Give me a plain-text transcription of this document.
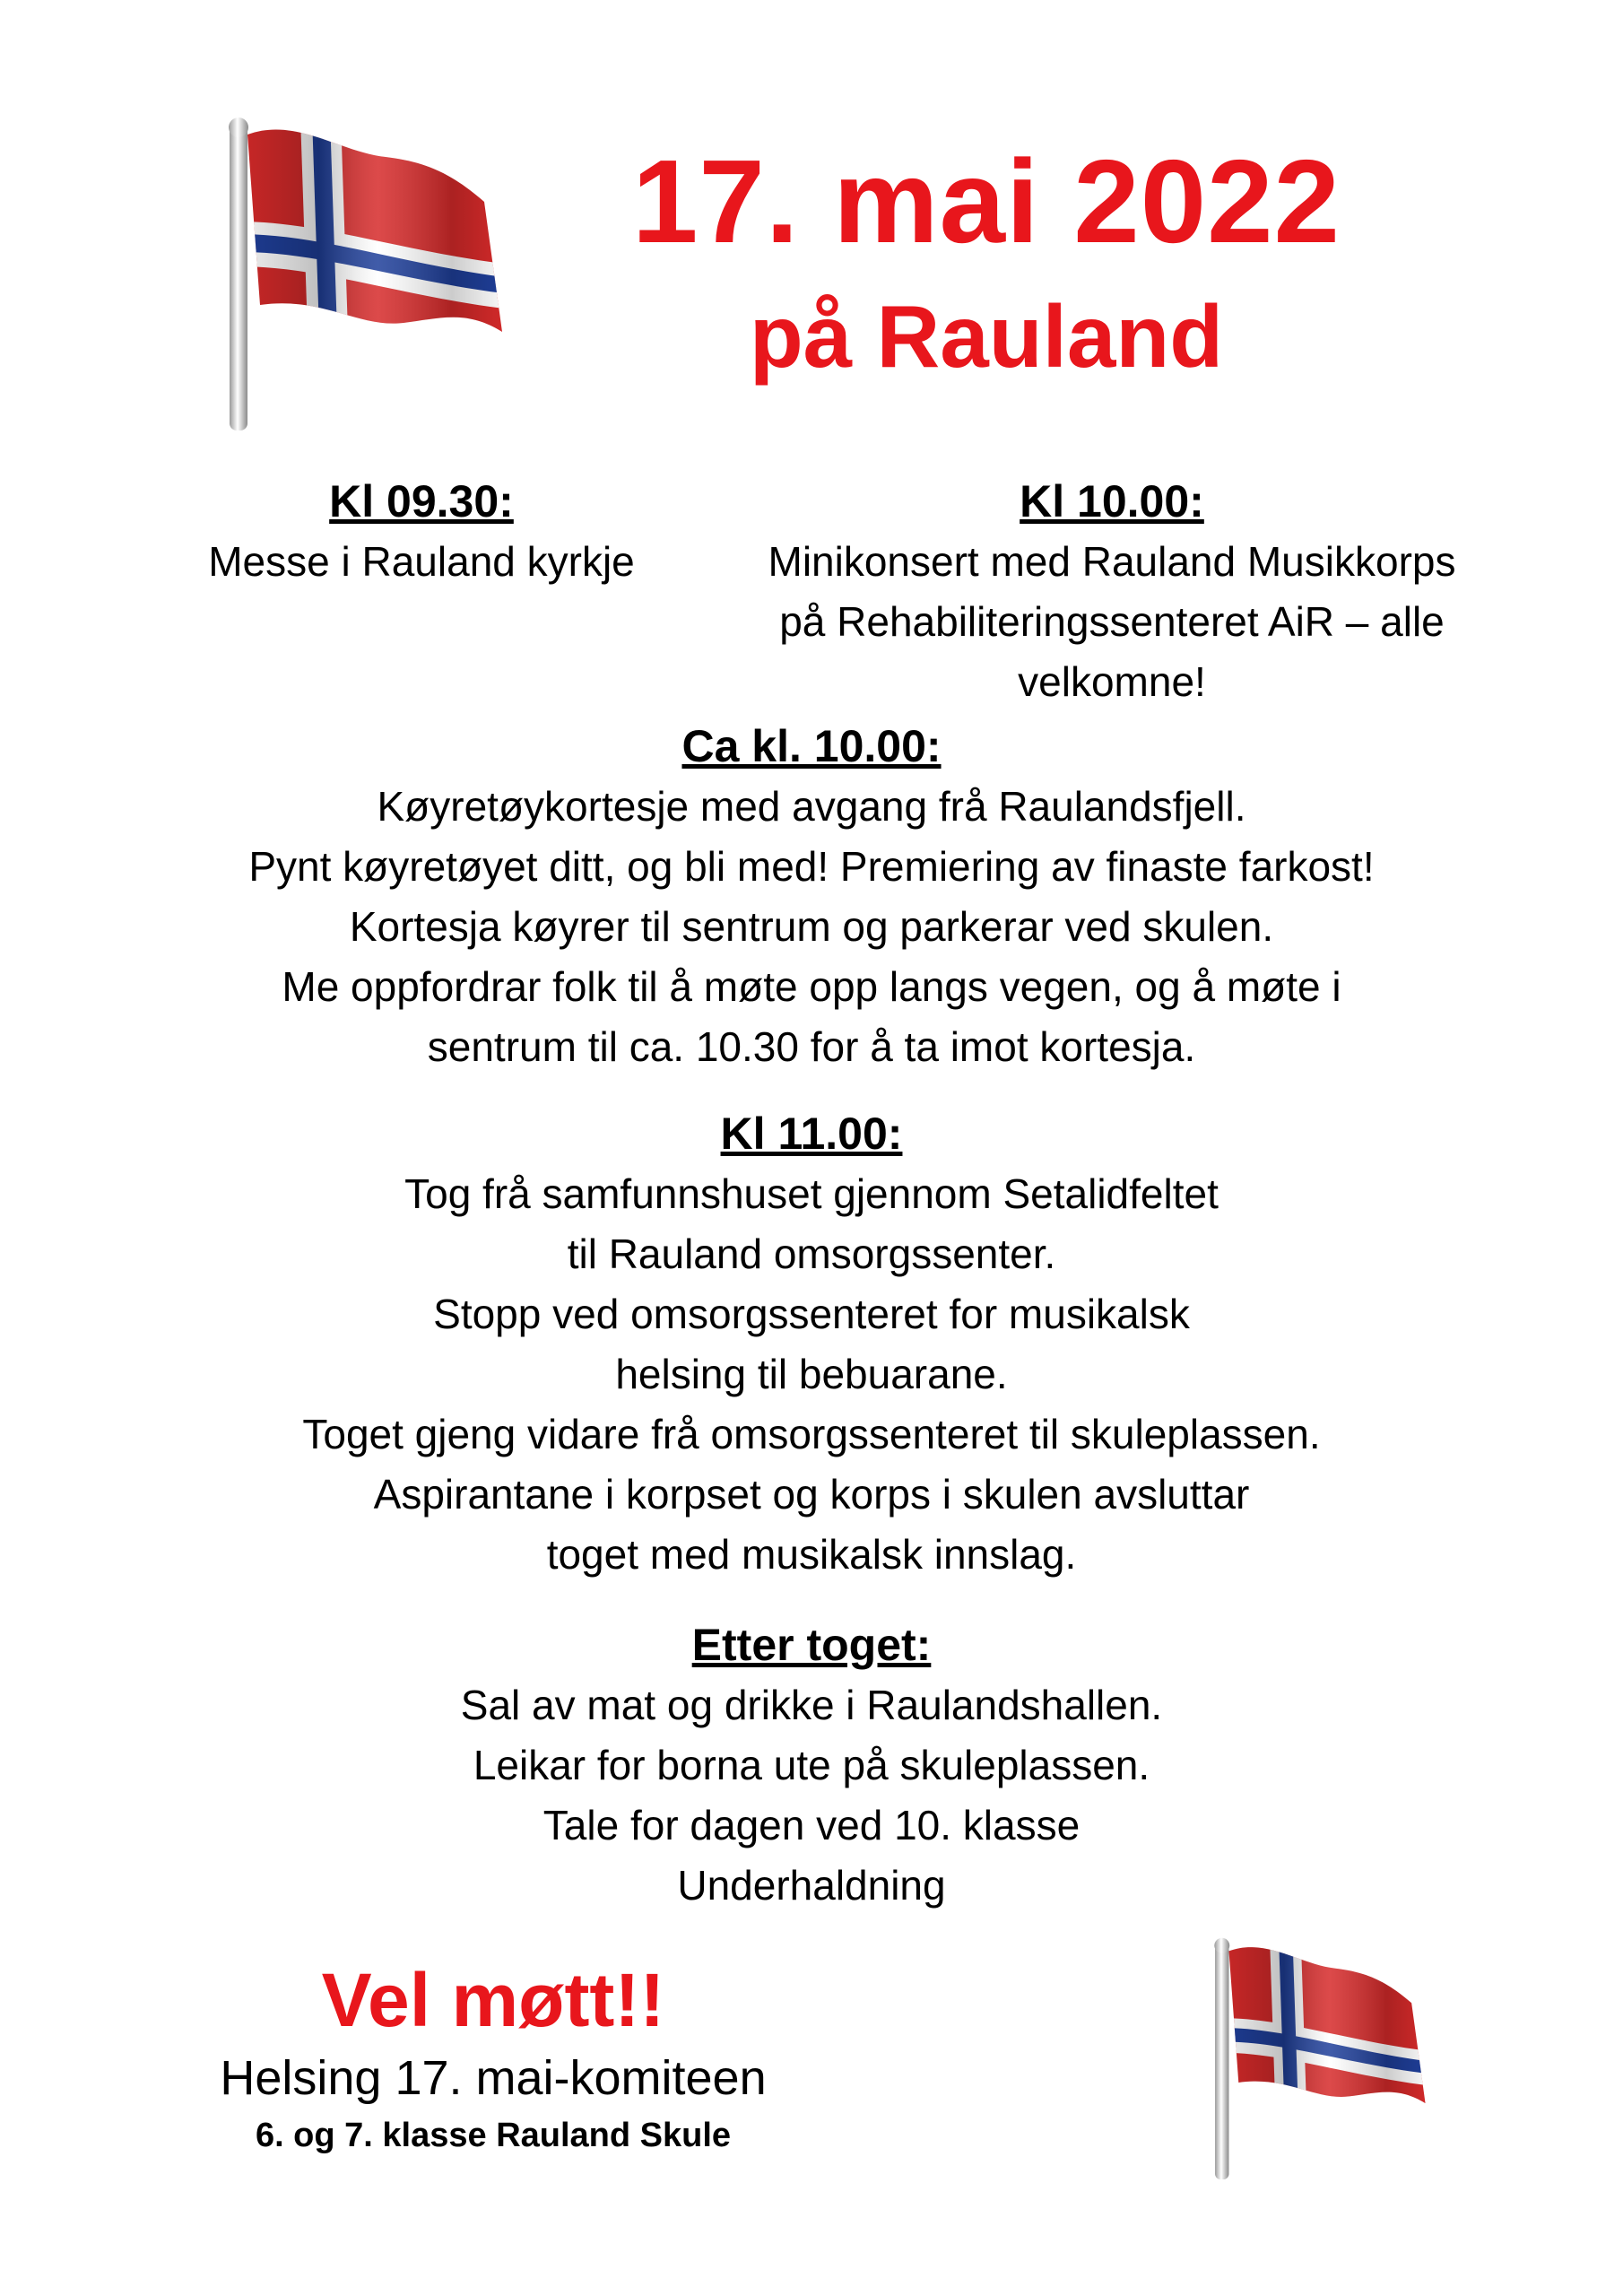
17. mai 2022
på Rauland
Kl 09.30:
Messe i Rauland kyrkje
Kl 10.00:
Minikonsert med Rauland Musikkorps
på Rehabiliteringssenteret AiR – alle
velkomne!
Ca kl. 10.00:
Køyretøykortesje med avgang frå Raulandsfjell.
Pynt køyretøyet ditt, og bli med! Premiering av finaste farkost!
Kortesja køyrer til sentrum og parkerar ved skulen.
Me oppfordrar folk til å møte opp langs vegen, og å møte i
sentrum til ca. 10.30 for å ta imot kortesja.
Kl 11.00:
Tog frå samfunnshuset gjennom Setalidfeltet
til Rauland omsorgssenter.
Stopp ved omsorgssenteret for musikalsk
helsing til bebuarane.
Toget gjeng vidare frå omsorgssenteret til skuleplassen.
Aspirantane i korpset og korps i skulen avsluttar
toget med musikalsk innslag.
Etter toget:
Sal av mat og drikke i Raulandshallen.
Leikar for borna ute på skuleplassen.
Tale for dagen ved 10. klasse
Underhaldning
Vel møtt!!
Helsing 17. mai-komiteen
6. og 7. klasse Rauland Skule
